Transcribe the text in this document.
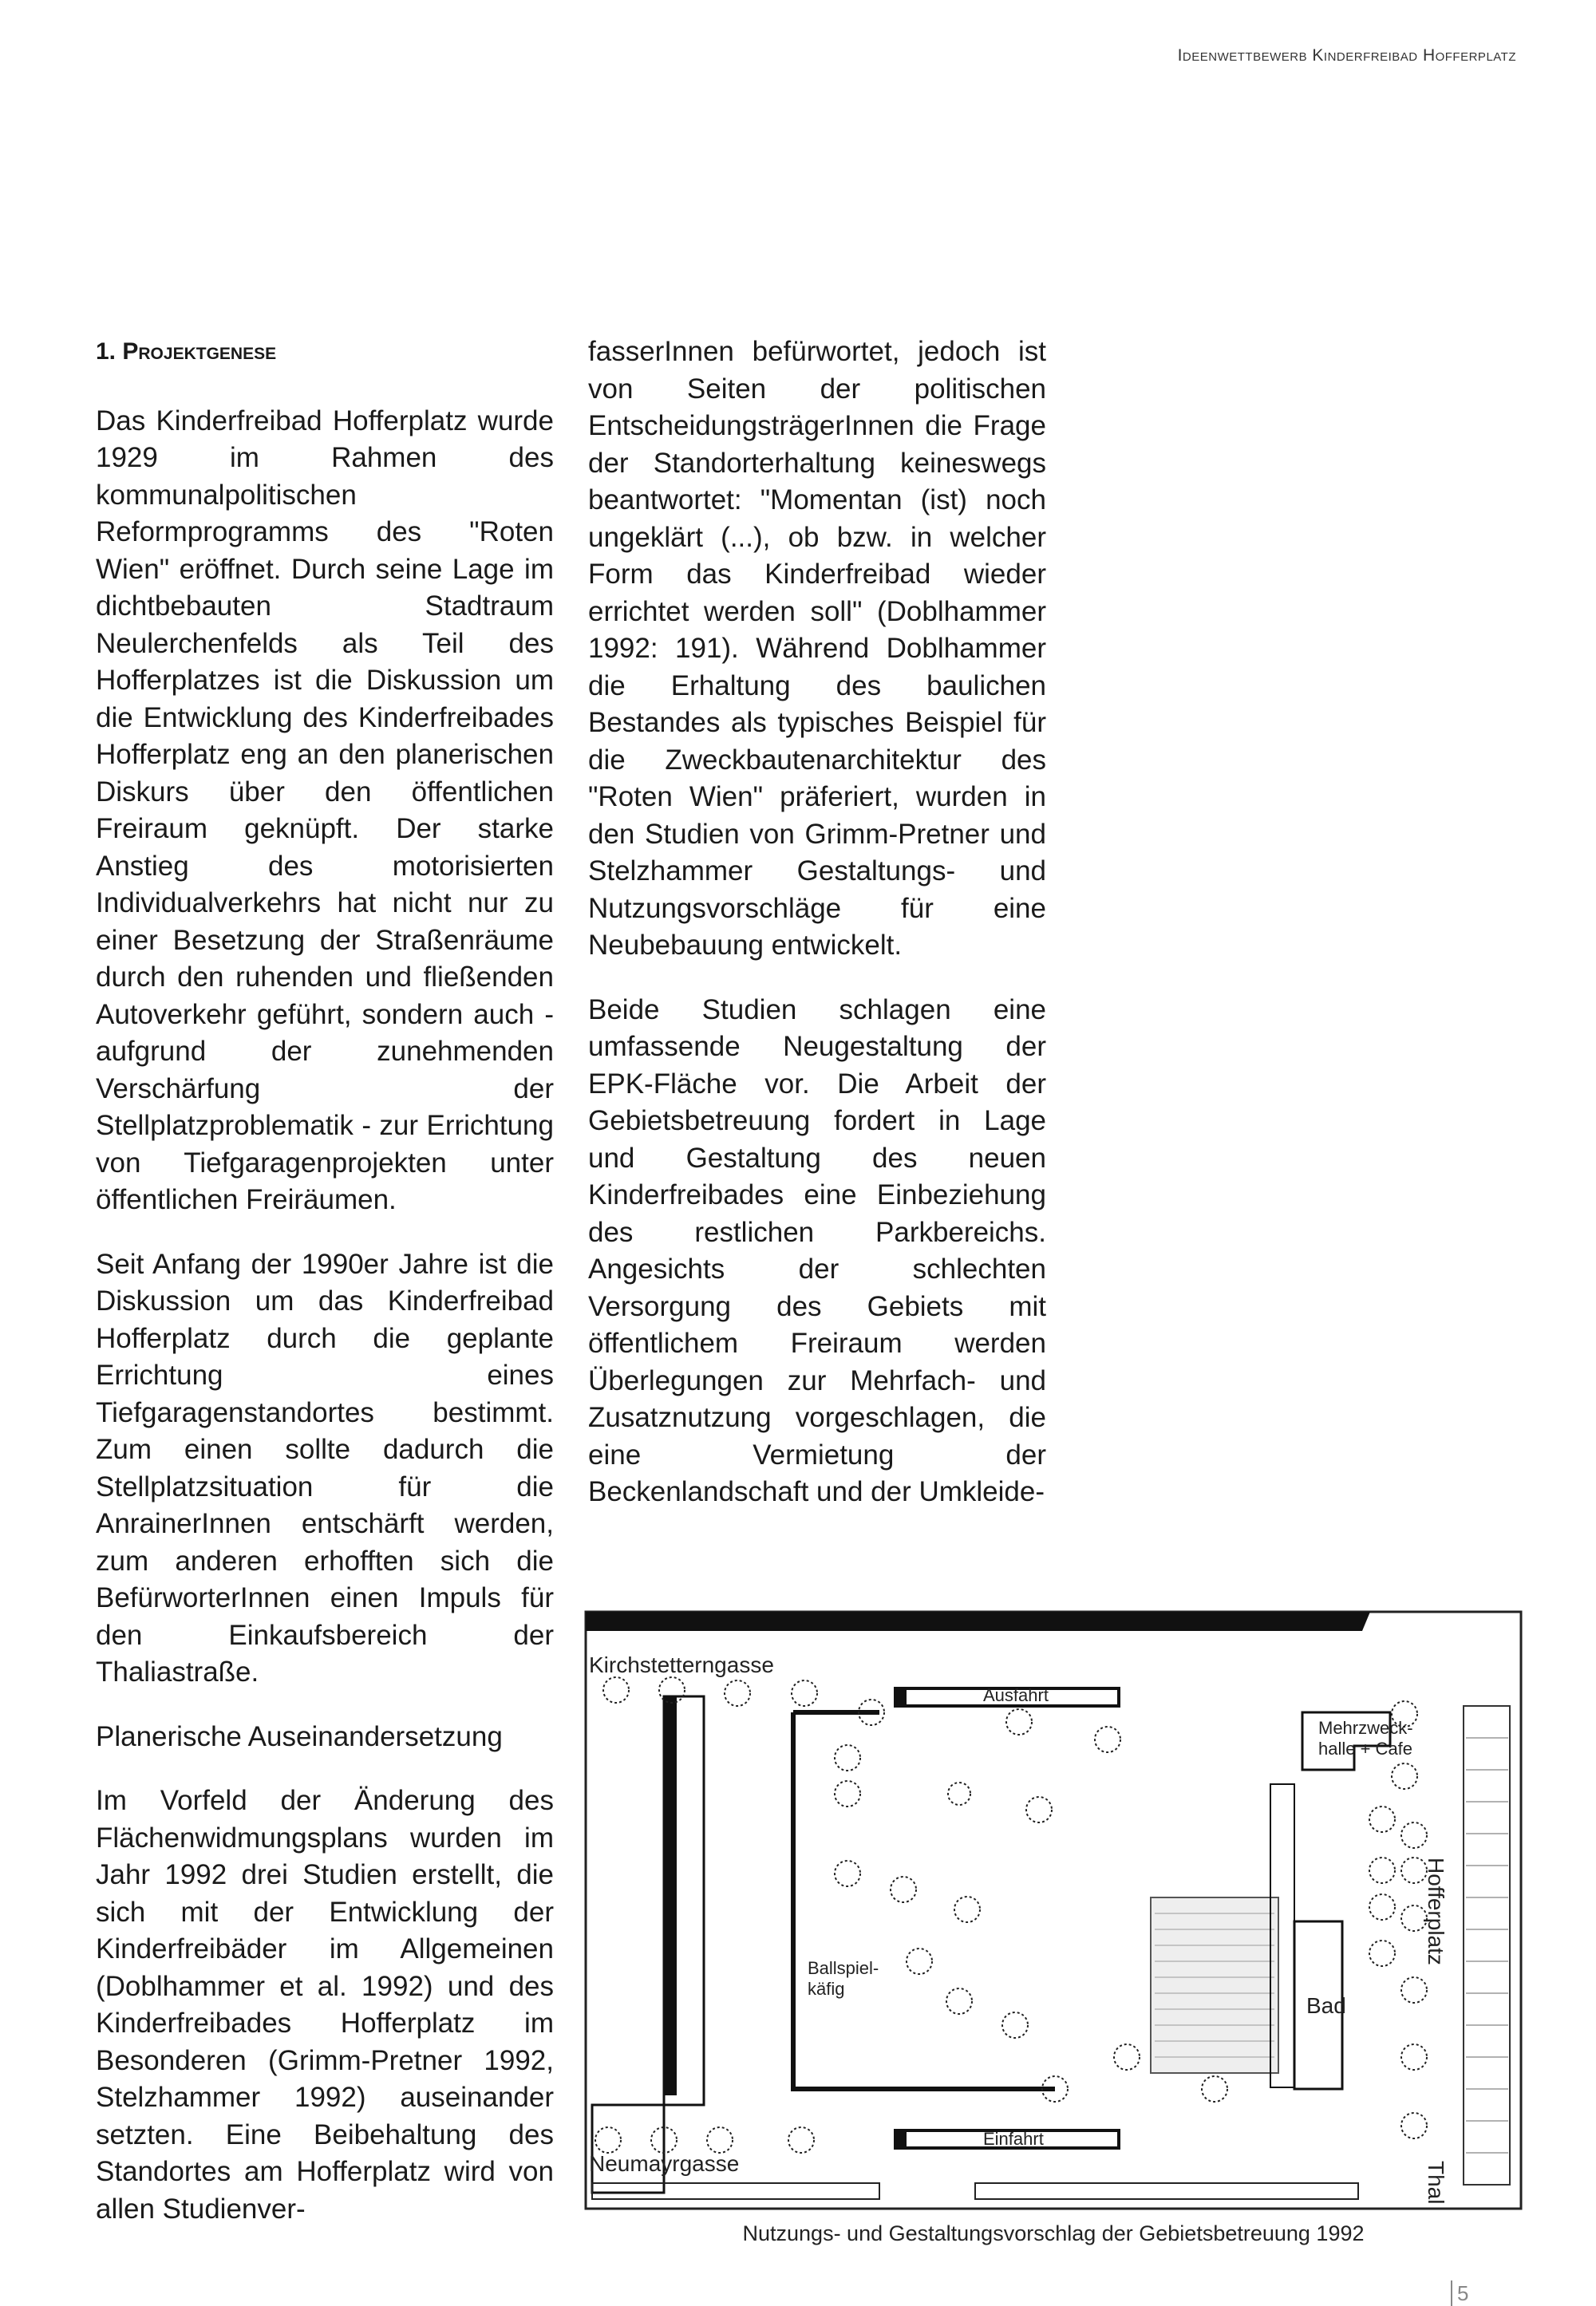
Ideenwettbewerb Kinderfreibad Hofferplatz
1. Projektgenese

Das Kinderfreibad Hofferplatz wurde 1929 im Rahmen des kommunalpolitischen Reformprogramms des "Roten Wien" eröffnet. Durch seine Lage im dichtbebauten Stadtraum Neulerchenfelds als Teil des Hofferplatzes ist die Diskussion um die Entwicklung des Kinderfreibades Hofferplatz eng an den planerischen Diskurs über den öffentlichen Freiraum geknüpft. Der starke Anstieg des motorisierten Individualverkehrs hat nicht nur zu einer Besetzung der Straßenräume durch den ruhenden und fließenden Autoverkehr geführt, sondern auch - aufgrund der zunehmenden Verschärfung der Stellplatzproblematik - zur Errichtung von Tiefgaragenprojekten unter öffentlichen Freiräumen.

Seit Anfang der 1990er Jahre ist die Diskussion um das Kinderfreibad Hofferplatz durch die geplante Errichtung eines Tiefgaragenstandortes bestimmt. Zum einen sollte dadurch die Stellplatzsituation für die AnrainerInnen entschärft werden, zum anderen erhofften sich die BefürworterInnen einen Impuls für den Einkaufsbereich der Thaliastraße.

Planerische Auseinandersetzung

Im Vorfeld der Änderung des Flächenwidmungsplans wurden im Jahr 1992 drei Studien erstellt, die sich mit der Entwicklung der Kinderfreibäder im Allgemeinen (Doblhammer et al. 1992) und des Kinderfreibades Hofferplatz im Besonderen (Grimm-Pretner 1992, Stelzhammer 1992) auseinander setzten. Eine Beibehaltung des Standortes am Hofferplatz wird von allen Studienver-

fasserInnen befürwortet, jedoch ist von Seiten der politischen EntscheidungsträgerInnen die Frage der Standorterhaltung keineswegs beantwortet: "Momentan (ist) noch ungeklärt (...), ob bzw. in welcher Form das Kinderfreibad wieder errichtet werden soll" (Doblhammer 1992: 191). Während Doblhammer die Erhaltung des baulichen Bestandes als typisches Beispiel für die Zweckbautenarchitektur des "Roten Wien" präferiert, wurden in den Studien von Grimm-Pretner und Stelzhammer Gestaltungs- und Nutzungsvorschläge für eine Neubebauung entwickelt.

Beide Studien schlagen eine umfassende Neugestaltung der EPK-Fläche vor. Die Arbeit der Gebietsbetreuung fordert in Lage und Gestaltung des neuen Kinderfreibades eine Einbeziehung des restlichen Parkbereichs. Angesichts der schlechten Versorgung des Gebiets mit öffentlichem Freiraum werden Überlegungen zur Mehrfach- und Zusatznutzung vorgeschlagen, die eine Vermietung der Beckenlandschaft und der Umkleide-

Kirchstetterngasse
Neumayrgasse
Ausfahrt
Einfahrt
Mehrzweck-
halle + Cafe
Ballspiel-
käfig
Bad
Hofferplatz
Thal
Nutzungs- und Gestaltungsvorschlag der Gebietsbetreuung 1992
5
